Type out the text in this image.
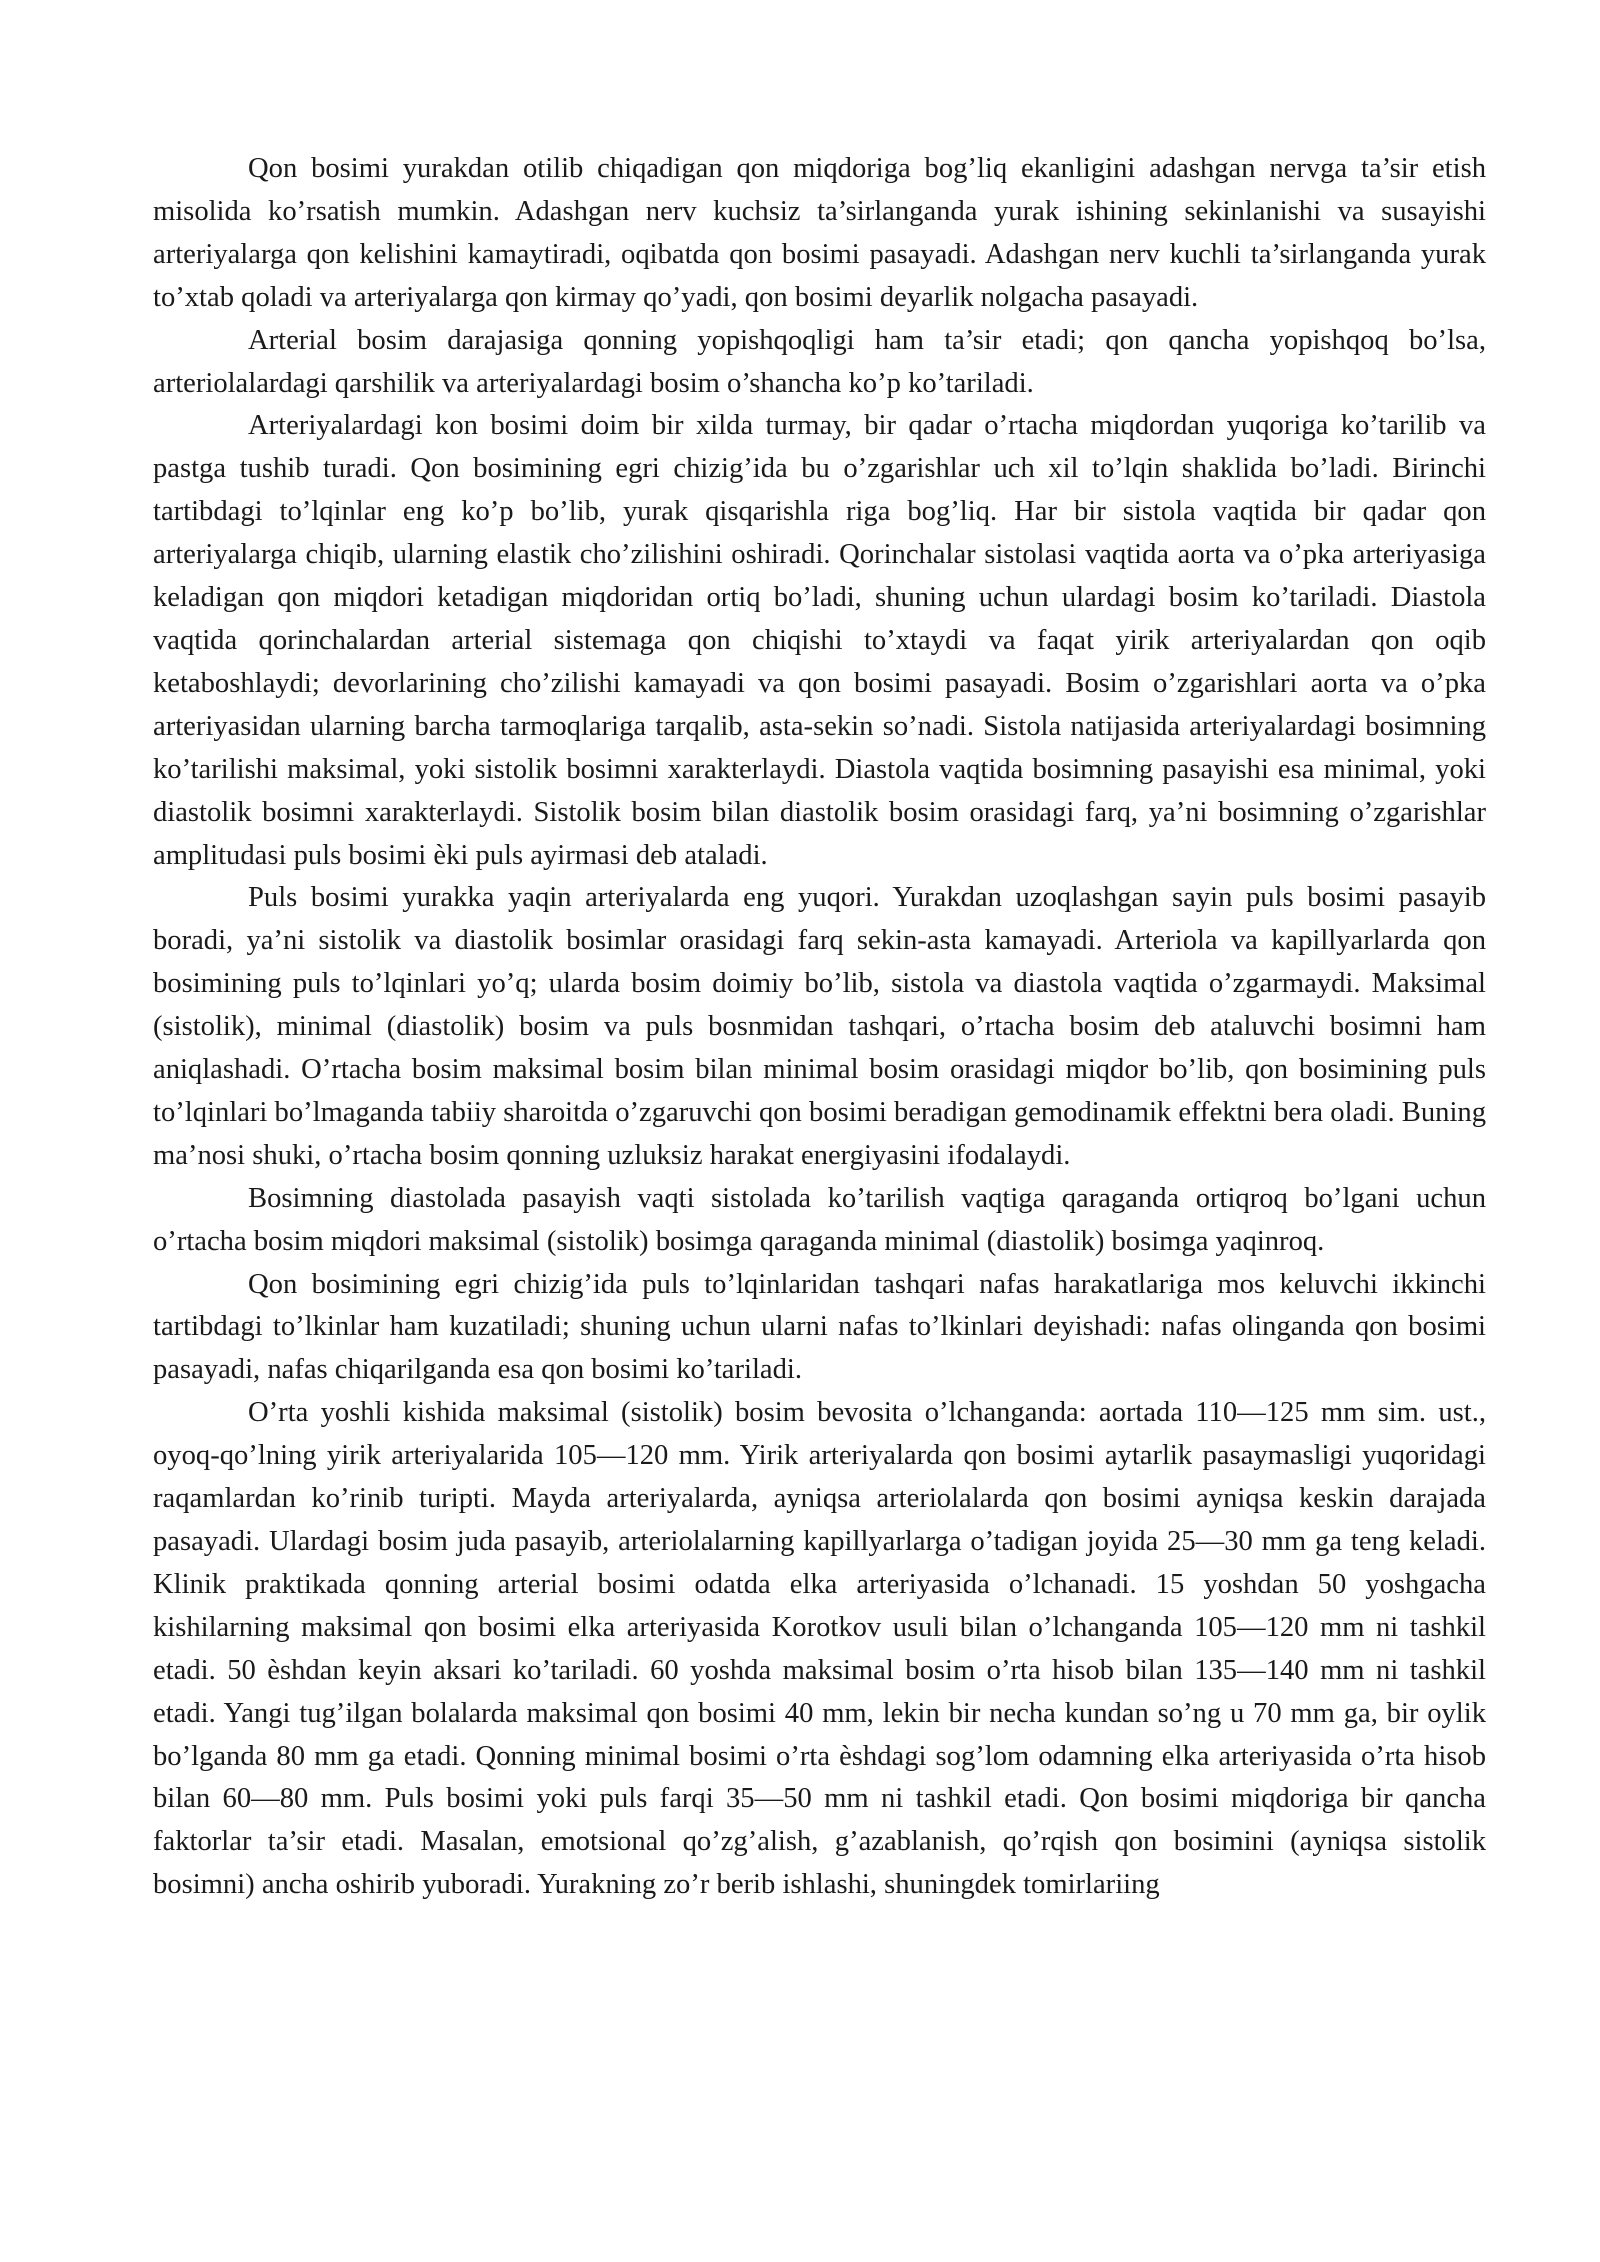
Qon bosimi yurakdan otilib chiqadigan qon miqdoriga bog’liq ekanligini adashgan nervga ta’sir etish misolida ko’rsatish mumkin. Adashgan nerv kuchsiz ta’sirlanganda yurak ishining sekinlanishi va susayishi arteriyalarga qon kelishini kamaytiradi, oqibatda qon bosimi pasayadi. Adashgan nerv kuchli ta’sirlanganda yurak to’xtab qoladi va arteriyalarga qon kirmay qo’yadi, qon bosimi deyarlik nolgacha pasayadi.

Arterial bosim darajasiga qonning yopishqoqligi ham ta’sir etadi; qon qancha yopishqoq bo’lsa, arteriolalardagi qarshilik va arteriyalardagi bosim o’shancha ko’p ko’tariladi.

Arteriyalardagi kon bosimi doim bir xilda turmay, bir qadar o’rtacha miqdordan yuqoriga ko’tarilib va pastga tushib turadi. Qon bosimining egri chizig’ida bu o’zgarishlar uch xil to’lqin shaklida bo’ladi. Birinchi tartibdagi to’lqinlar eng ko’p bo’lib, yurak qisqarishla riga bog’liq. Har bir sistola vaqtida bir qadar qon arteriyalarga chiqib, ularning elastik cho’zilishini oshiradi. Qorinchalar sistolasi vaqtida aorta va o’pka arteriyasiga keladigan qon miqdori ketadigan miqdoridan ortiq bo’ladi, shuning uchun ulardagi bosim ko’tariladi. Diastola vaqtida qorinchalardan arterial sistemaga qon chiqishi to’xtaydi va faqat yirik arteriyalardan qon oqib ketaboshlaydi; devorlarining cho’zilishi kamayadi va qon bosimi pasayadi. Bosim o’zgarishlari aorta va o’pka arteriyasidan ularning barcha tarmoqlariga tarqalib, asta-sekin so’nadi. Sistola natijasida arteriyalardagi bosimning ko’tarilishi maksimal, yoki sistolik bosimni xarakterlaydi. Diastola vaqtida bosimning pasayishi esa minimal, yoki diastolik bosimni xarakterlaydi. Sistolik bosim bilan diastolik bosim orasidagi farq, ya’ni bosimning o’zgarishlar amplitudasi puls bosimi èki puls ayirmasi deb ataladi.

Puls bosimi yurakka yaqin arteriyalarda eng yuqori. Yurakdan uzoqlashgan sayin puls bosimi pasayib boradi, ya’ni sistolik va diastolik bosimlar orasidagi farq sekin-asta kamayadi. Arteriola va kapillyarlarda qon bosimining puls to’lqinlari yo’q; ularda bosim doimiy bo’lib, sistola va diastola vaqtida o’zgarmaydi. Maksimal (sistolik), minimal (diastolik) bosim va puls bosnmidan tashqari, o’rtacha bosim deb ataluvchi bosimni ham aniqlashadi. O’rtacha bosim maksimal bosim bilan minimal bosim orasidagi miqdor bo’lib, qon bosimining puls to’lqinlari bo’lmaganda tabiiy sharoitda o’zgaruvchi qon bosimi beradigan gemodinamik effektni bera oladi. Buning ma’nosi shuki, o’rtacha bosim qonning uzluksiz harakat energiyasini ifodalaydi.

Bosimning diastolada pasayish vaqti sistolada ko’tarilish vaqtiga qaraganda ortiqroq bo’lgani uchun o’rtacha bosim miqdori maksimal (sistolik) bosimga qaraganda minimal (diastolik) bosimga yaqinroq.

Qon bosimining egri chizig’ida puls to’lqinlaridan tashqari nafas harakatlariga mos keluvchi ikkinchi tartibdagi to’lkinlar ham kuzatiladi; shuning uchun ularni nafas to’lkinlari deyishadi: nafas olinganda qon bosimi pasayadi, nafas chiqarilganda esa qon bosimi ko’tariladi.

O’rta yoshli kishida maksimal (sistolik) bosim bevosita o’lchanganda: aortada 110—125 mm sim. ust., oyoq-qo’lning yirik arteriyalarida 105—120 mm. Yirik arteriyalarda qon bosimi aytarlik pasaymasligi yuqoridagi raqamlardan ko’rinib turipti. Mayda arteriyalarda, ayniqsa arteriolalarda qon bosimi ayniqsa keskin darajada pasayadi. Ulardagi bosim juda pasayib, arteriolalarning kapillyarlarga o’tadigan joyida 25—30 mm ga teng keladi. Klinik praktikada qonning arterial bosimi odatda elka arteriyasida o’lchanadi. 15 yoshdan 50 yoshgacha kishilarning maksimal qon bosimi elka arteriyasida Korotkov usuli bilan o’lchanganda 105—120 mm ni tashkil etadi. 50 èshdan keyin aksari ko’tariladi. 60 yoshda maksimal bosim o’rta hisob bilan 135—140 mm ni tashkil etadi. Yangi tug’ilgan bolalarda maksimal qon bosimi 40 mm, lekin bir necha kundan so’ng u 70 mm ga, bir oylik bo’lganda 80 mm ga etadi. Qonning minimal bosimi o’rta èshdagi sog’lom odamning elka arteriyasida o’rta hisob bilan 60—80 mm. Puls bosimi yoki puls farqi 35—50 mm ni tashkil etadi. Qon bosimi miqdoriga bir qancha faktorlar ta’sir etadi. Masalan, emotsional qo’zg’alish, g’azablanish, qo’rqish qon bosimini (ayniqsa sistolik bosimni) ancha oshirib yuboradi. Yurakning zo’r berib ishlashi, shuningdek tomirlariing
